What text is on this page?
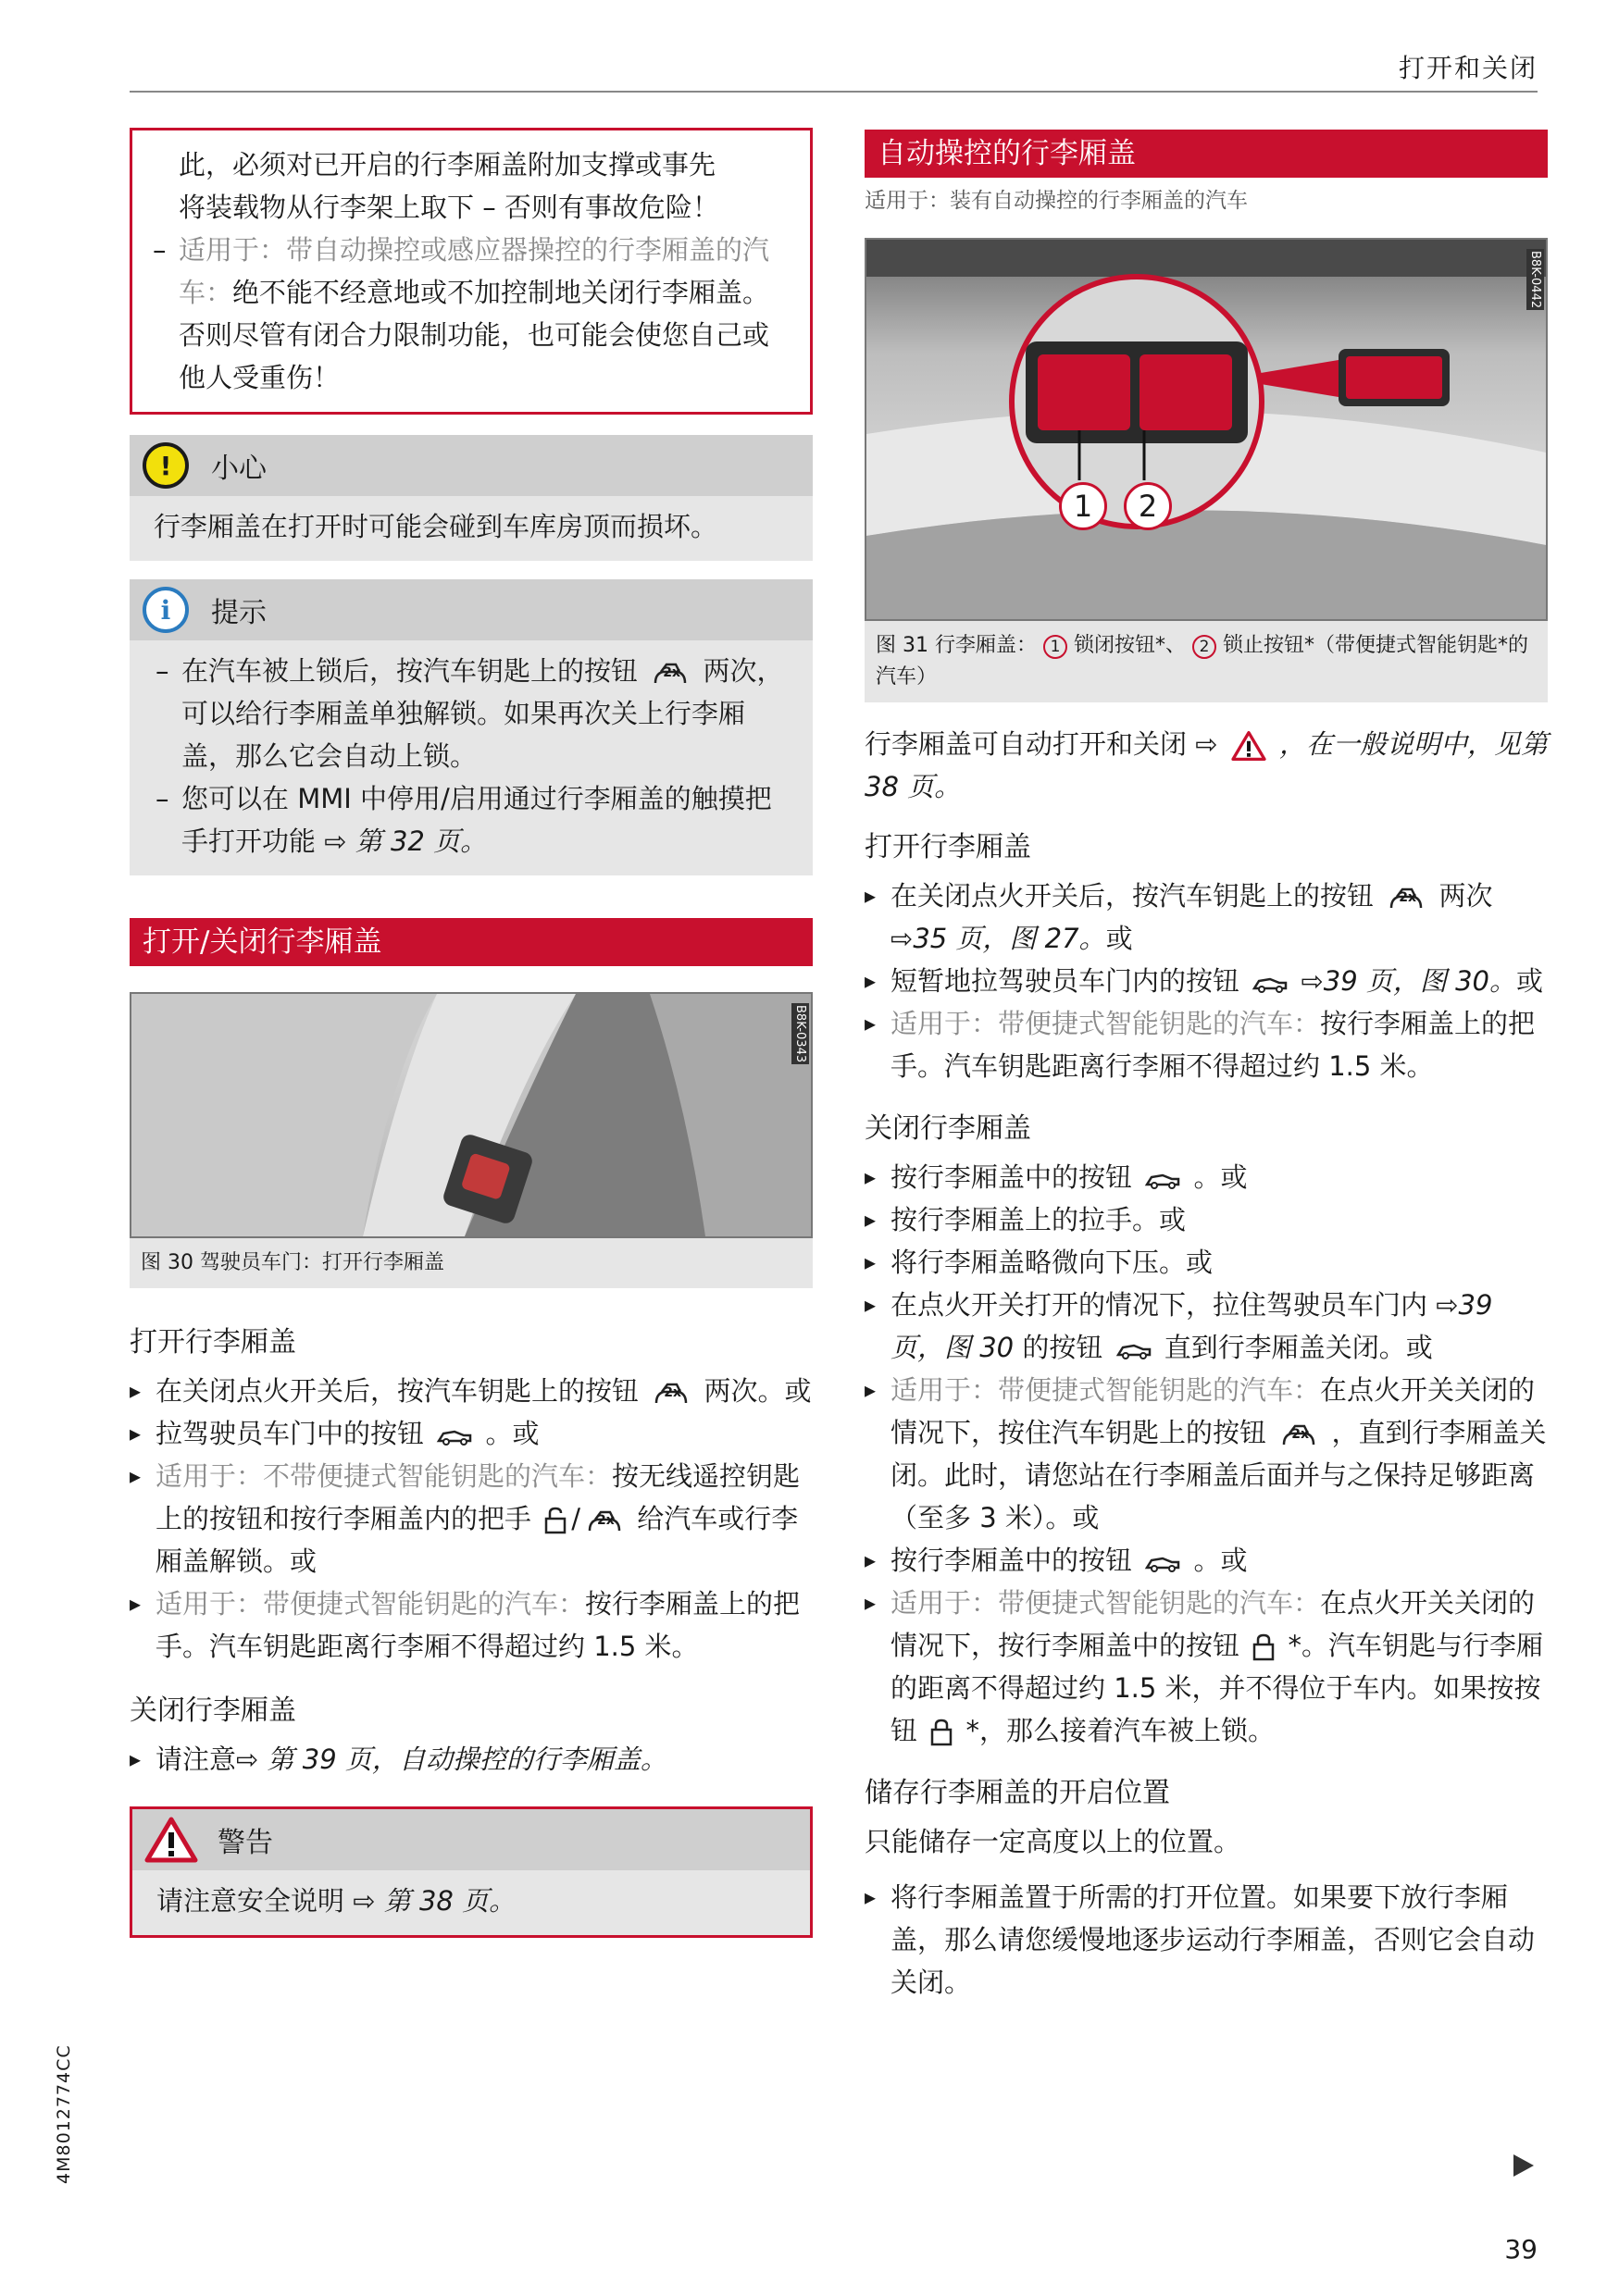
打开和关闭
此，必须对已开启的行李厢盖附加支撑或事先
将装载物从行李架上取下 – 否则有事故危险！
– 适用于：带自动操控或感应器操控的行李厢盖的汽车：绝不能不经意地或不加控制地关闭行李厢盖。否则尽管有闭合力限制功能，也可能会使您自己或他人受重伤！
!	小心
行李厢盖在打开时可能会碰到车库房顶而损坏。
i	提示
– 在汽车被上锁后，按汽车钥匙上的按钮 2x 两次，可以给行李厢盖单独解锁。如果再次关上行李厢盖，那么它会自动上锁。
– 您可以在 MMI 中停用/启用通过行李厢盖的触摸把手打开功能 ⇨ 第 32 页。
打开/关闭行李厢盖
B8K-0343
图 30 驾驶员车门：打开行李厢盖
打开行李厢盖
▸ 在关闭点火开关后，按汽车钥匙上的按钮 2x 两次。或
▸ 拉驾驶员车门中的按钮 。或
▸ 适用于：不带便捷式智能钥匙的汽车：按无线遥控钥匙上的按钮和按行李厢盖内的把手 / 2x 给汽车或行李厢盖解锁。或
▸ 适用于：带便捷式智能钥匙的汽车：按行李厢盖上的把手。汽车钥匙距离行李厢不得超过约 1.5 米。
关闭行李厢盖
▸ 请注意⇨ 第 39 页，自动操控的行李厢盖。
警告
请注意安全说明 ⇨ 第 38 页。
自动操控的行李厢盖
适用于：装有自动操控的行李厢盖的汽车
1	2
B8K-0442
图 31 行李厢盖： 1 锁闭按钮*、 2 锁止按钮*（带便捷式智能钥匙*的汽车）
行李厢盖可自动打开和关闭 ⇨ ，在一般说明中，见第 38 页。
打开行李厢盖
▸ 在关闭点火开关后，按汽车钥匙上的按钮 2x 两次 ⇨35 页，图 27。或
▸ 短暂地拉驾驶员车门内的按钮 ⇨39 页，图 30。或
▸ 适用于：带便捷式智能钥匙的汽车：按行李厢盖上的把手。汽车钥匙距离行李厢不得超过约 1.5 米。
关闭行李厢盖
▸ 按行李厢盖中的按钮 。或
▸ 按行李厢盖上的拉手。或
▸ 将行李厢盖略微向下压。或
▸ 在点火开关打开的情况下，拉住驾驶员车门内 ⇨39 页，图 30 的按钮 直到行李厢盖关闭。或
▸ 适用于：带便捷式智能钥匙的汽车：在点火开关关闭的情况下，按住汽车钥匙上的按钮 2x ，直到行李厢盖关闭。此时，请您站在行李厢盖后面并与之保持足够距离（至多 3 米）。或
▸ 按行李厢盖中的按钮 。或
▸ 适用于：带便捷式智能钥匙的汽车：在点火开关关闭的情况下，按行李厢盖中的按钮 *。汽车钥匙与行李厢的距离不得超过约 1.5 米，并不得位于车内。如果按按钮 *，那么接着汽车被上锁。
储存行李厢盖的开启位置
只能储存一定高度以上的位置。
▸ 将行李厢盖置于所需的打开位置。如果要下放行李厢盖，那么请您缓慢地逐步运动行李厢盖，否则它会自动关闭。
4M8012774CC
39
